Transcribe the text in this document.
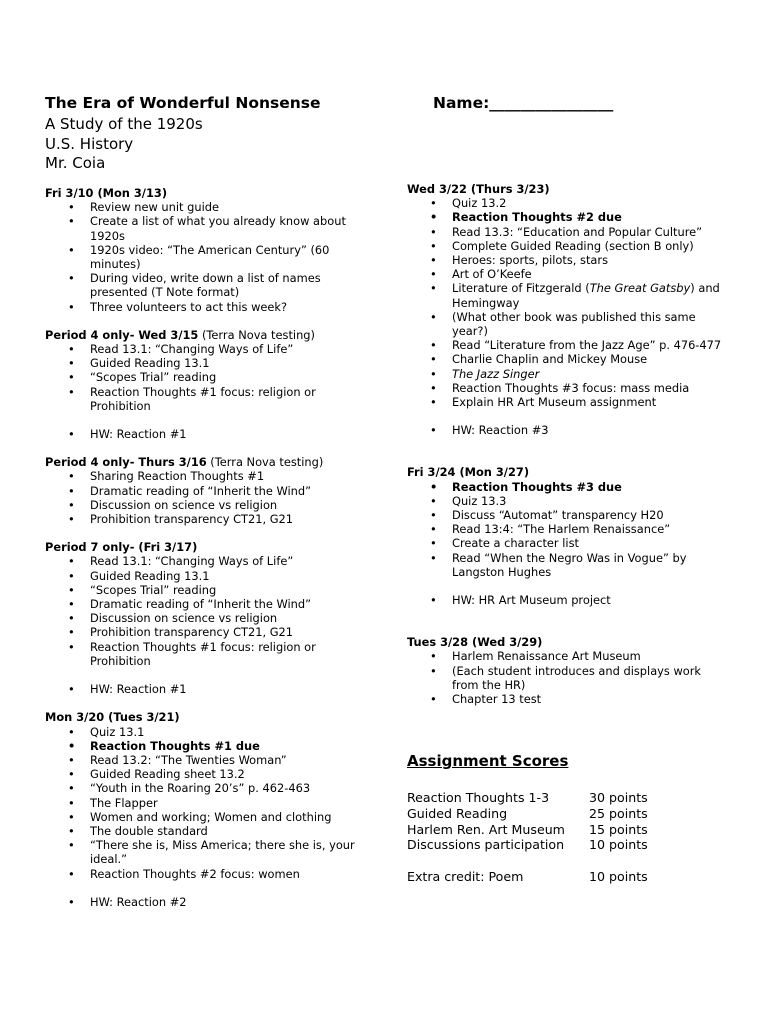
The Era of Wonderful Nonsense	Name:________________
A Study of the 1920s
U.S. History
Mr. Coia
Fri 3/10 (Mon 3/13)
• Review new unit guide
• Create a list of what you already know about 1920s
• 1920s video: “The American Century” (60 minutes)
• During video, write down a list of names presented (T Note format)
• Three volunteers to act this week?
Period 4 only- Wed 3/15 (Terra Nova testing)
• Read 13.1: “Changing Ways of Life”
• Guided Reading 13.1
• “Scopes Trial” reading
• Reaction Thoughts #1 focus: religion or Prohibition
• HW: Reaction #1
Period 4 only- Thurs 3/16 (Terra Nova testing)
• Sharing Reaction Thoughts #1
• Dramatic reading of “Inherit the Wind”
• Discussion on science vs religion
• Prohibition transparency CT21, G21
Period 7 only- (Fri 3/17)
• Read 13.1: “Changing Ways of Life”
• Guided Reading 13.1
• “Scopes Trial” reading
• Dramatic reading of “Inherit the Wind”
• Discussion on science vs religion
• Prohibition transparency CT21, G21
• Reaction Thoughts #1 focus: religion or Prohibition
• HW: Reaction #1
Mon 3/20 (Tues 3/21)
• Quiz 13.1
• Reaction Thoughts #1 due
• Read 13.2: “The Twenties Woman”
• Guided Reading sheet 13.2
• “Youth in the Roaring 20’s” p. 462-463
• The Flapper
• Women and working; Women and clothing
• The double standard
• “There she is, Miss America; there she is, your ideal.”
• Reaction Thoughts #2 focus: women
• HW: Reaction #2
Wed 3/22 (Thurs 3/23)
• Quiz 13.2
• Reaction Thoughts #2 due
• Read 13.3: “Education and Popular Culture”
• Complete Guided Reading (section B only)
• Heroes: sports, pilots, stars
• Art of O’Keefe
• Literature of Fitzgerald (The Great Gatsby) and Hemingway
• (What other book was published this same year?)
• Read “Literature from the Jazz Age” p. 476-477
• Charlie Chaplin and Mickey Mouse
• The Jazz Singer
• Reaction Thoughts #3 focus: mass media
• Explain HR Art Museum assignment
• HW: Reaction #3
Fri 3/24 (Mon 3/27)
• Reaction Thoughts #3 due
• Quiz 13.3
• Discuss “Automat” transparency H20
• Read 13:4: “The Harlem Renaissance”
• Create a character list
• Read “When the Negro Was in Vogue” by Langston Hughes
• HW: HR Art Museum project
Tues 3/28 (Wed 3/29)
• Harlem Renaissance Art Museum
• (Each student introduces and displays work from the HR)
• Chapter 13 test
Assignment Scores
Reaction Thoughts 1-3	30 points
Guided Reading	25 points
Harlem Ren. Art Museum	15 points
Discussions participation	10 points
Extra credit: Poem	10 points
